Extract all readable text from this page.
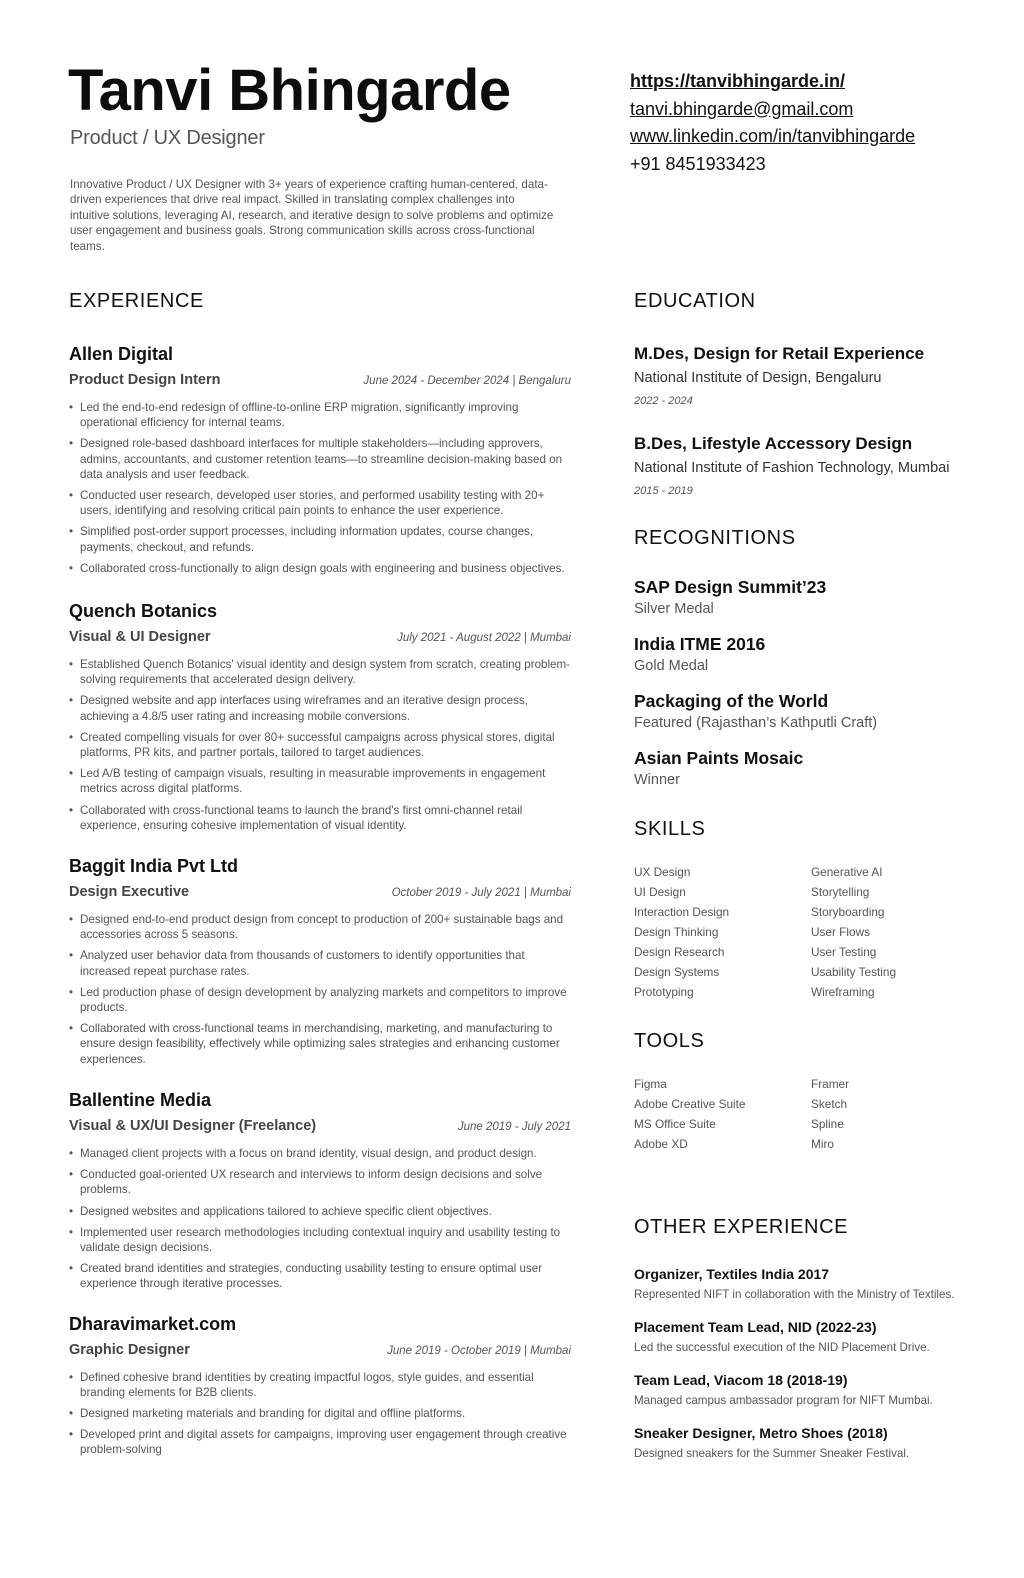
Tanvi Bhingarde
Product / UX Designer
Innovative Product / UX Designer with 3+ years of experience crafting human-centered, data-driven experiences that drive real impact. Skilled in translating complex challenges into intuitive solutions, leveraging AI, research, and iterative design to solve problems and optimize user engagement and business goals. Strong communication skills across cross-functional teams.
https://tanvibhingarde.in/
tanvi.bhingarde@gmail.com
www.linkedin.com/in/tanvibhingarde
+91 8451933423
EXPERIENCE
Allen Digital
Product Design Intern	June 2024 - December 2024 | Bengaluru
• Led the end-to-end redesign of offline-to-online ERP migration, significantly improving operational efficiency for internal teams.
• Designed role-based dashboard interfaces for multiple stakeholders—including approvers, admins, accountants, and customer retention teams—to streamline decision-making based on data analysis and user feedback.
• Conducted user research, developed user stories, and performed usability testing with 20+ users, identifying and resolving critical pain points to enhance the user experience.
• Simplified post-order support processes, including information updates, course changes, payments, checkout, and refunds.
• Collaborated cross-functionally to align design goals with engineering and business objectives.
Quench Botanics
Visual & UI Designer	July 2021 - August 2022 | Mumbai
• Established Quench Botanics' visual identity and design system from scratch, creating problem-solving requirements that accelerated design delivery.
• Designed website and app interfaces using wireframes and an iterative design process, achieving a 4.8/5 user rating and increasing mobile conversions.
• Created compelling visuals for over 80+ successful campaigns across physical stores, digital platforms, PR kits, and partner portals, tailored to target audiences.
• Led A/B testing of campaign visuals, resulting in measurable improvements in engagement metrics across digital platforms.
• Collaborated with cross-functional teams to launch the brand's first omni-channel retail experience, ensuring cohesive implementation of visual identity.
Baggit India Pvt Ltd
Design Executive	October 2019 - July 2021 | Mumbai
• Designed end-to-end product design from concept to production of 200+ sustainable bags and accessories across 5 seasons.
• Analyzed user behavior data from thousands of customers to identify opportunities that increased repeat purchase rates.
• Led production phase of design development by analyzing markets and competitors to improve products.
• Collaborated with cross-functional teams in merchandising, marketing, and manufacturing to ensure design feasibility, effectively while optimizing sales strategies and enhancing customer experiences.
Ballentine Media
Visual & UX/UI Designer (Freelance)	June 2019 - July 2021
• Managed client projects with a focus on brand identity, visual design, and product design.
• Conducted goal-oriented UX research and interviews to inform design decisions and solve problems.
• Designed websites and applications tailored to achieve specific client objectives.
• Implemented user research methodologies including contextual inquiry and usability testing to validate design decisions.
• Created brand identities and strategies, conducting usability testing to ensure optimal user experience through iterative processes.
Dharavimarket.com
Graphic Designer	June 2019 - October 2019 | Mumbai
• Defined cohesive brand identities by creating impactful logos, style guides, and essential branding elements for B2B clients.
• Designed marketing materials and branding for digital and offline platforms.
• Developed print and digital assets for campaigns, improving user engagement through creative problem-solving
EDUCATION
M.Des, Design for Retail Experience
National Institute of Design, Bengaluru
2022 - 2024
B.Des, Lifestyle Accessory Design
National Institute of Fashion Technology, Mumbai
2015 - 2019
RECOGNITIONS
SAP Design Summit’23
Silver Medal
India ITME 2016
Gold Medal
Packaging of the World
Featured (Rajasthan’s Kathputli Craft)
Asian Paints Mosaic
Winner
SKILLS
UX Design	Generative AI
UI Design	Storytelling
Interaction Design	Storyboarding
Design Thinking	User Flows
Design Research	User Testing
Design Systems	Usability Testing
Prototyping	Wireframing
TOOLS
Figma	Framer
Adobe Creative Suite	Sketch
MS Office Suite	Spline
Adobe XD	Miro
OTHER EXPERIENCE
Organizer, Textiles India 2017
Represented NIFT in collaboration with the Ministry of Textiles.
Placement Team Lead, NID (2022-23)
Led the successful execution of the NID Placement Drive.
Team Lead, Viacom 18 (2018-19)
Managed campus ambassador program for NIFT Mumbai.
Sneaker Designer, Metro Shoes (2018)
Designed sneakers for the Summer Sneaker Festival.
